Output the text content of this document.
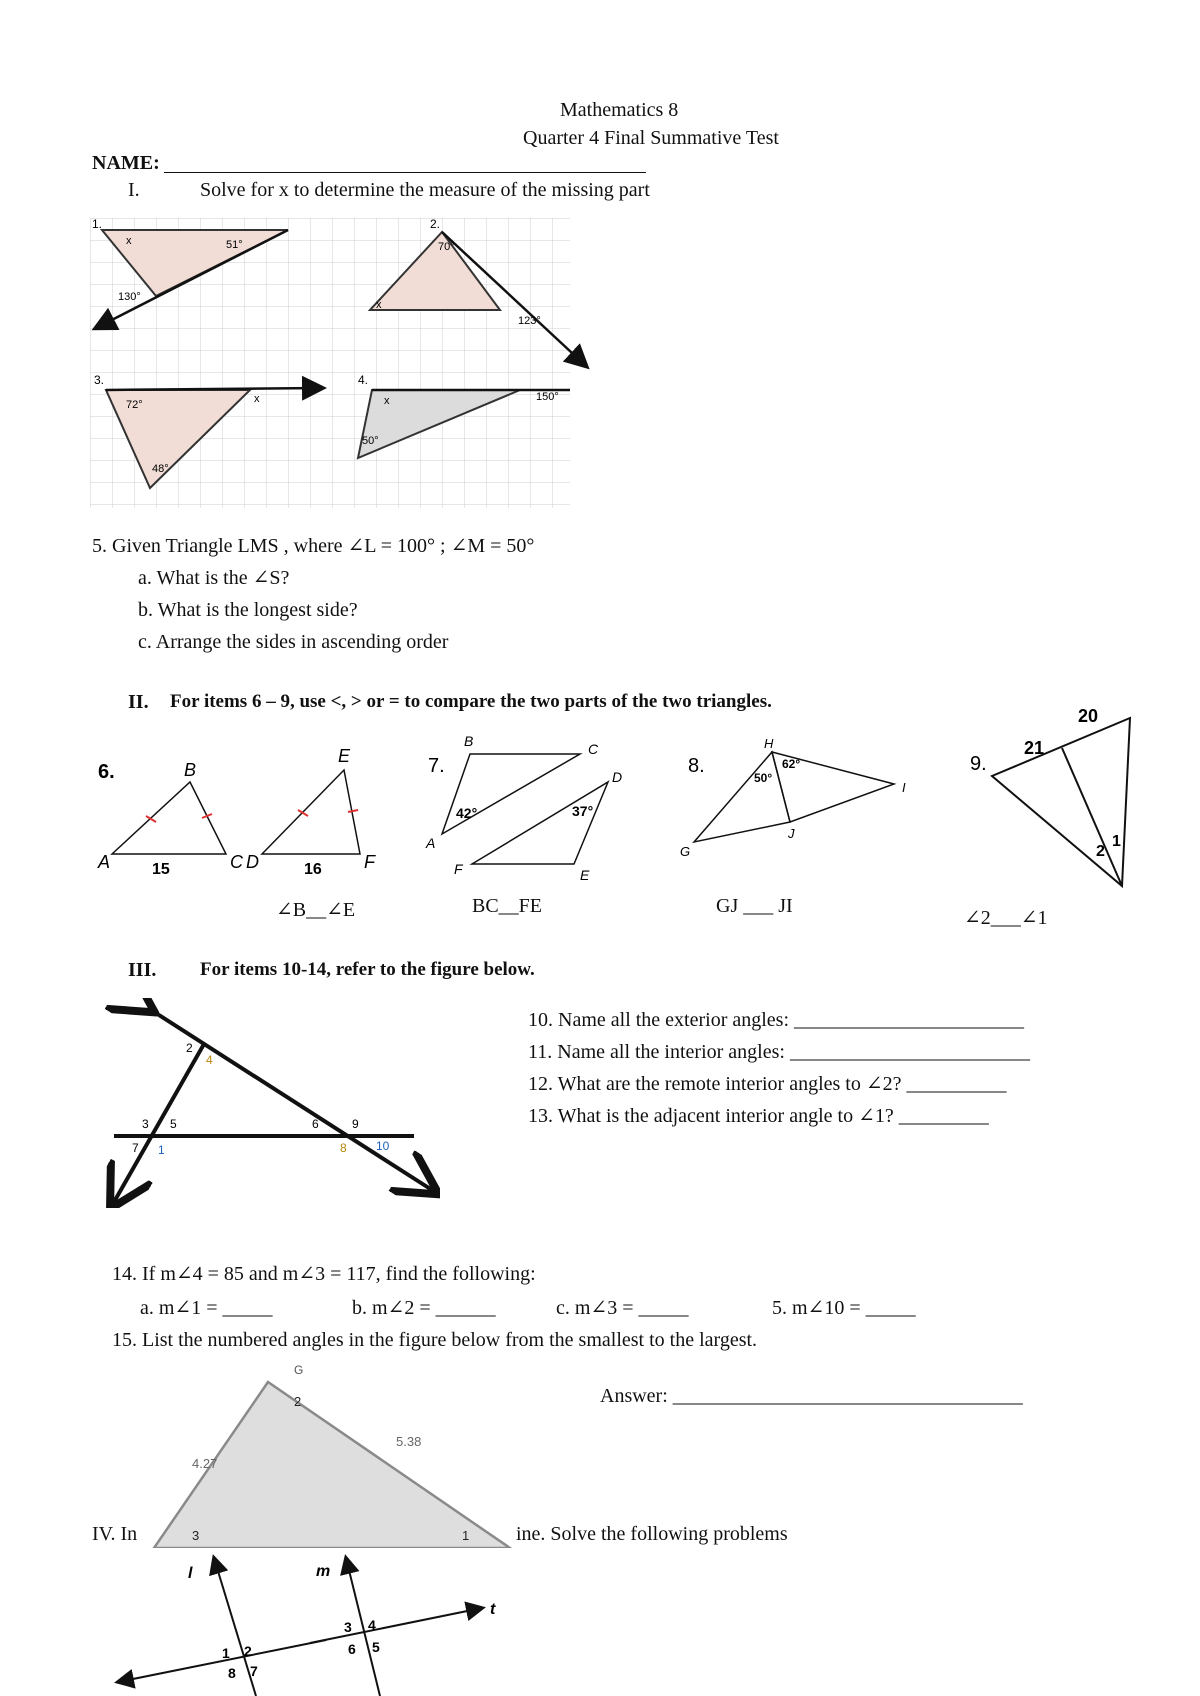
Mathematics 8
Quarter 4 Final Summative Test
NAME:
I.	Solve for x to determine the measure of the missing part
1.
x	51°
130°
2.
70°
x
123°
3.
72°	x
48°
4.
x	150°
50°
5. Given Triangle LMS , where ∠L = 100° ; ∠M = 50°
a. What is the ∠S?
b. What is the longest side?
c. Arrange the sides in ascending order
II. For items 6 – 9, use <, > or = to compare the two parts of the two triangles.
6.
A
B
C
15	D
E
F
16
∠B__∠E
7.
A
B	C
D
E
F
42°	37°
BC__FE
8.
H
I
J
G
62°
50°
GJ ___ JI
9.
20
21
2
1
∠2___∠1
III. For items 10-14, refer to the figure below.
2
4
3 5
7 1
6	9
8 10
10. Name all the exterior angles: _______________________
11. Name all the interior angles: ________________________
12. What are the remote interior angles to ∠2? __________
13. What is the adjacent interior angle to ∠1? _________
14. If m∠4 = 85 and m∠3 = 117, find the following:
a. m∠1 = _____	b. m∠2 = ______	c. m∠3 = _____	5. m∠10 = _____
15. List the numbered angles in the figure below from the smallest to the largest.
G
2
4.27
5.38
3	1
Answer: ___________________________________
IV. In	ine. Solve the following problems
l	m
t
1 2
8 7
3 4
6 5
